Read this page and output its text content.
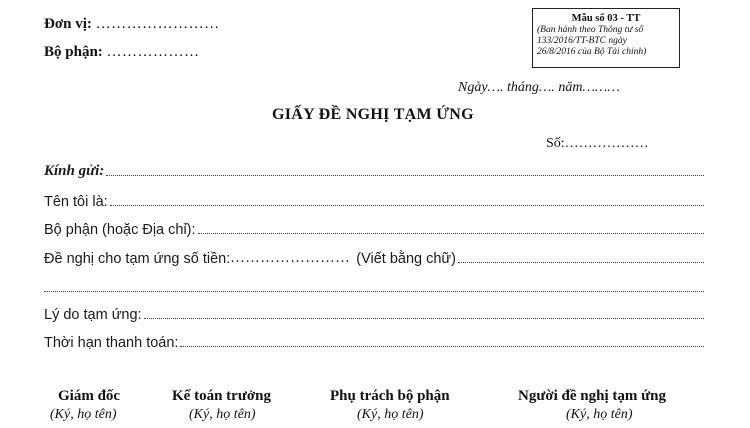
Đơn vị: ……………………
Bộ phận: ………………
Mẫu số 03 - TT
(Ban hành theo Thông tư số
133/2016/TT-BTC ngày
26/8/2016 của Bộ Tài chính)
Ngày…. tháng…. năm………
GIẤY ĐỀ NGHỊ TẠM ỨNG
Số:………………
Kính gửi:
Tên tôi là:
Bộ phận (hoặc Địa chỉ):
Đề nghị cho tạm ứng số tiền: …………………… (Viết bằng chữ)
Lý do tạm ứng:
Thời hạn thanh toán:
Giám đốc
(Ký, họ tên)
Kế toán trưởng
(Ký, họ tên)
Phụ trách bộ phận
(Ký, họ tên)
Người đề nghị tạm ứng
(Ký, họ tên)
